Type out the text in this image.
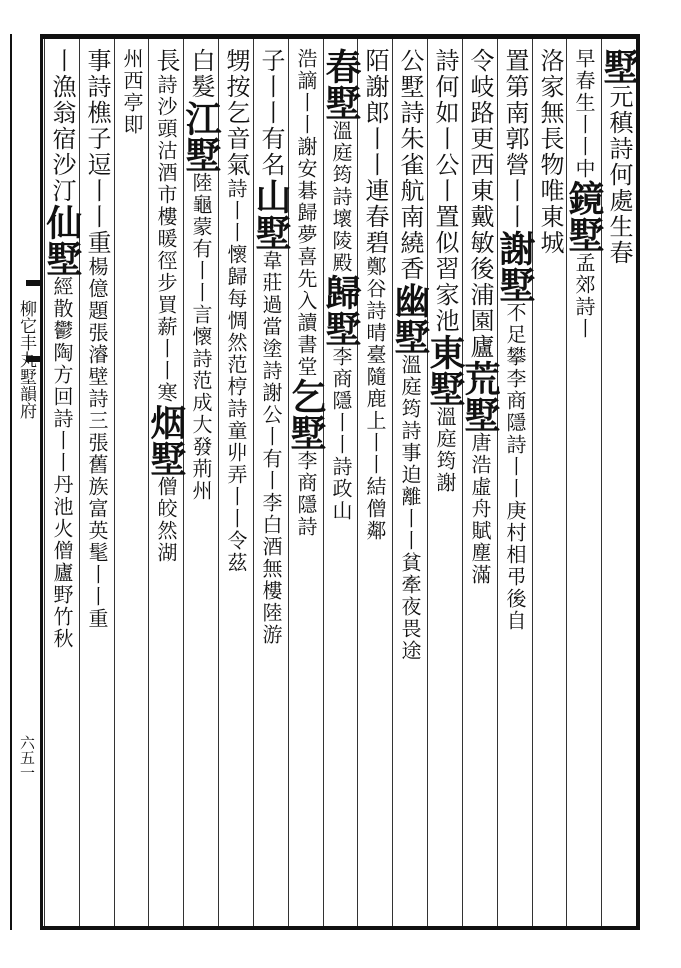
柳它丰丸墅韻府
六五一
墅元稹詩何處生春
早春生丨丨中鏡墅孟郊詩丨
洛家無長物唯東城
置第南郭營丨丨謝墅不足攀李商隱詩丨丨庚村相弔後自
令岐路更西東戴敏後浦園廬荒墅唐浩虛舟賦塵滿
詩何如丨公丨置似習家池東墅溫庭筠謝
公墅詩朱雀航南繞香幽墅溫庭筠詩事迫離丨丨貧牽夜畏途
陌謝郎丨丨連春碧鄭谷詩晴臺隨鹿上丨丨結僧鄰
春墅溫庭筠詩壞陵殿歸墅李商隱丨丨詩政山
浩謫丨丨謝安碁歸夢喜先入讀書堂乞墅李商隱詩
子丨丨有名山墅韋莊過當塗詩謝公丨有丨李白酒無樓陸游
甥按乞音氣詩丨丨懷歸每惆然范梈詩童丱弄丨丨令茲
白髮江墅陸龜蒙有丨丨言懷詩范成大發荊州
長詩沙頭沽酒市樓暖徑步買薪丨丨寒烟墅僧皎然湖
州西亭即
事詩樵子逗丨丨重楊億題張濬壁詩三張舊族富英髦丨丨重
丨漁翁宿沙汀仙墅經散鬱陶方回詩丨丨丹池火僧廬野竹秋
